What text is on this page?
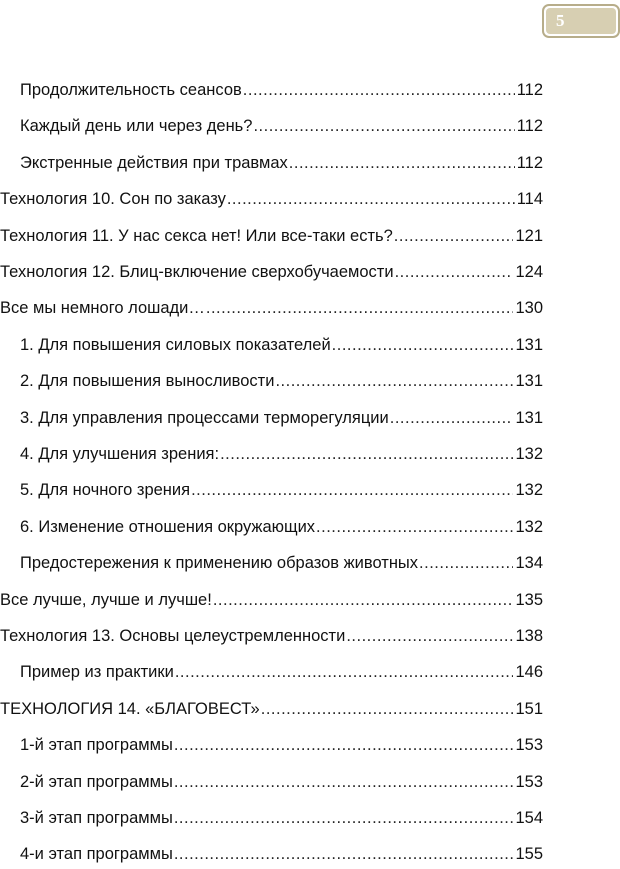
5
Продолжительность сеансов .....	112
Каждый день или через день? .....	112
Экстренные действия при травмах .....	112
Технология 10. Сон по заказу .....	114
Технология 11. У нас секса нет! Или все-таки есть? .....	121
Технология 12. Блиц-включение сверхобучаемости .....	124
Все мы немного лошади… .....	130
1. Для повышения силовых показателей .....	131
2. Для повышения выносливости .....	131
3. Для управления процессами терморегуляции .....	131
4. Для улучшения зрения: .....	132
5. Для ночного зрения .....	132
6. Изменение отношения окружающих .....	132
Предостережения к применению образов животных .....	134
Все лучше, лучше и лучше! .....	135
Технология 13. Основы целеустремленности .....	138
Пример из практики .....	146
ТЕХНОЛОГИЯ 14. «БЛАГОВЕСТ» .....	151
1-й этап программы .....	153
2-й этап программы .....	153
3-й этап программы .....	154
4-и этап программы .....	155
